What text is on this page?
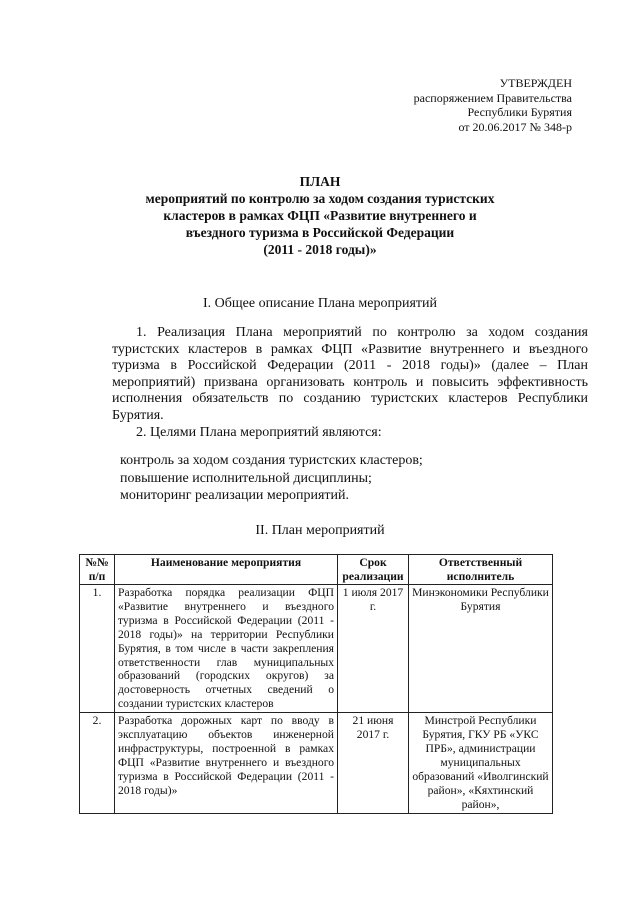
УТВЕРЖДЕН
распоряжением Правительства
Республики Бурятия
от 20.06.2017 № 348-р
ПЛАН
мероприятий по контролю за ходом создания туристских
кластеров в рамках ФЦП «Развитие внутреннего и
въездного туризма в Российской Федерации
(2011 - 2018 годы)»
I. Общее описание Плана мероприятий
1. Реализация Плана мероприятий по контролю за ходом создания туристских кластеров в рамках ФЦП «Развитие внутреннего и въездного туризма в Российской Федерации (2011 - 2018 годы)» (далее – План мероприятий) призвана организовать контроль и повысить эффективность исполнения обязательств по созданию туристских кластеров Республики Бурятия.
2. Целями Плана мероприятий являются:
контроль за ходом создания туристских кластеров;
повышение исполнительной дисциплины;
мониторинг реализации мероприятий.
II. План мероприятий
№№ п/п	Наименование мероприятия	Срок реализации	Ответственный исполнитель
1.	Разработка порядка реализации ФЦП «Развитие внутреннего и въездного туризма в Российской Федерации (2011 - 2018 годы)» на территории Республики Бурятия, в том числе в части закрепления ответственности глав муниципальных образований (городских округов) за достоверность отчетных сведений о создании туристских кластеров	1 июля 2017 г.	Минэкономики Республики Бурятия
2.	Разработка дорожных карт по вводу в эксплуатацию объектов инженерной инфраструктуры, построенной в рамках ФЦП «Развитие внутреннего и въездного туризма в Российской Федерации (2011 - 2018 годы)»	21 июня 2017 г.	Минстрой Республики Бурятия, ГКУ РБ «УКС ПРБ», администрации муниципальных образований «Иволгинский район», «Кяхтинский район»,
